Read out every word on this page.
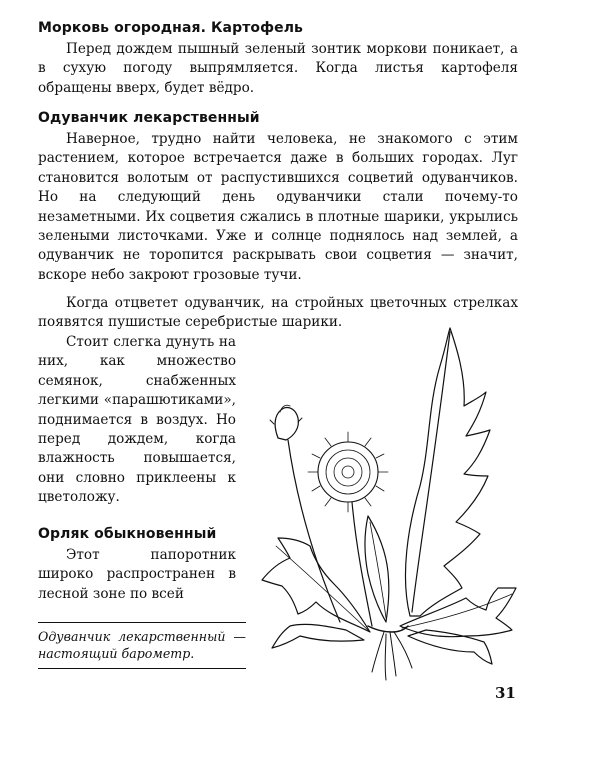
Морковь огородная. Картофель

Перед дождем пышный зеленый зонтик моркови поникает, а в сухую погоду выпрямляется. Когда листья картофеля обращены вверх, будет вёдро.

Одуванчик лекарственный

Наверное, трудно найти человека, не знакомого с этим растением, которое встречается даже в больших городах. Луг становится волотым от распустившихся соцветий одуванчиков. Но на следующий день одуванчики стали почему-то незаметными. Их соцветия сжались в плотные шарики, укрылись зелеными листочками. Уже и солнце поднялось над землей, а одуванчик не торопится раскрывать свои соцветия — значит, вскоре небо закроют грозовые тучи.

Когда отцветет одуванчик, на стройных цветочных стрелках появятся пушистые серебристые шарики.

Стоит слегка дунуть на них, как множество семянок, снабженных легкими «парашютиками», поднимается в воздух. Но перед дождем, когда влажность повышается, они словно приклеены к цветоложу.

Орляк обыкновенный

Этот папоротник широко распространен в лесной зоне по всей

Одуванчик лекарственный — настоящий барометр.

31
